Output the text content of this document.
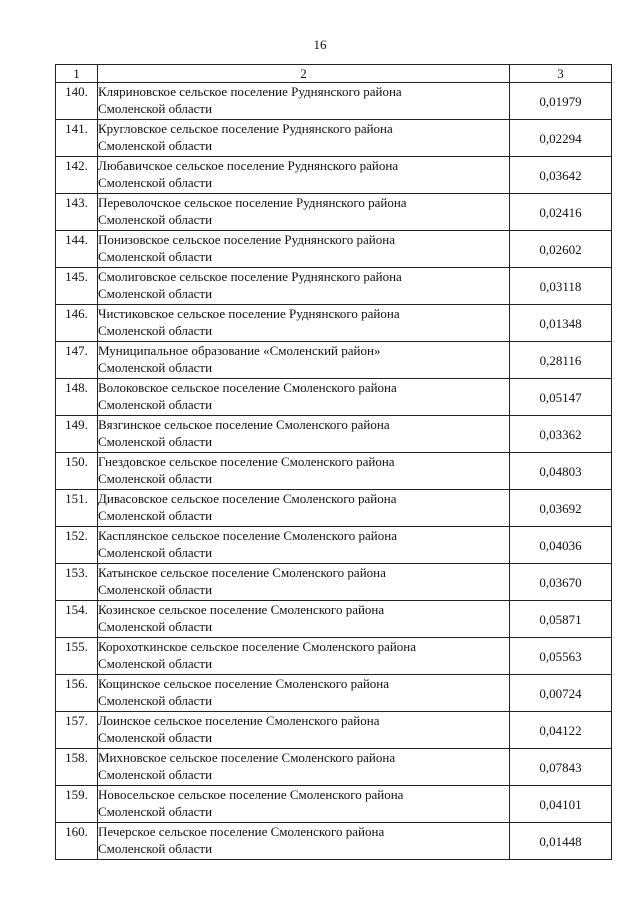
16
1	2	3
140.	Кляриновское сельское поселение Руднянского района
Смоленской области	0,01979
141.	Кругловское сельское поселение Руднянского района
Смоленской области	0,02294
142.	Любавичское сельское поселение Руднянского района
Смоленской области	0,03642
143.	Переволочское сельское поселение Руднянского района
Смоленской области	0,02416
144.	Понизовское сельское поселение Руднянского района
Смоленской области	0,02602
145.	Смолиговское сельское поселение Руднянского района
Смоленской области	0,03118
146.	Чистиковское сельское поселение Руднянского района
Смоленской области	0,01348
147.	Муниципальное образование «Смоленский район»
Смоленской области	0,28116
148.	Волоковское сельское поселение Смоленского района
Смоленской области	0,05147
149.	Вязгинское сельское поселение Смоленского района
Смоленской области	0,03362
150.	Гнездовское сельское поселение Смоленского района
Смоленской области	0,04803
151.	Дивасовское сельское поселение Смоленского района
Смоленской области	0,03692
152.	Касплянское сельское поселение Смоленского района
Смоленской области	0,04036
153.	Катынское сельское поселение Смоленского района
Смоленской области	0,03670
154.	Козинское сельское поселение Смоленского района
Смоленской области	0,05871
155.	Корохоткинское сельское поселение Смоленского района
Смоленской области	0,05563
156.	Кощинское сельское поселение Смоленского района
Смоленской области	0,00724
157.	Лоинское сельское поселение Смоленского района
Смоленской области	0,04122
158.	Михновское сельское поселение Смоленского района
Смоленской области	0,07843
159.	Новосельское сельское поселение Смоленского района
Смоленской области	0,04101
160.	Печерское сельское поселение Смоленского района
Смоленской области	0,01448
